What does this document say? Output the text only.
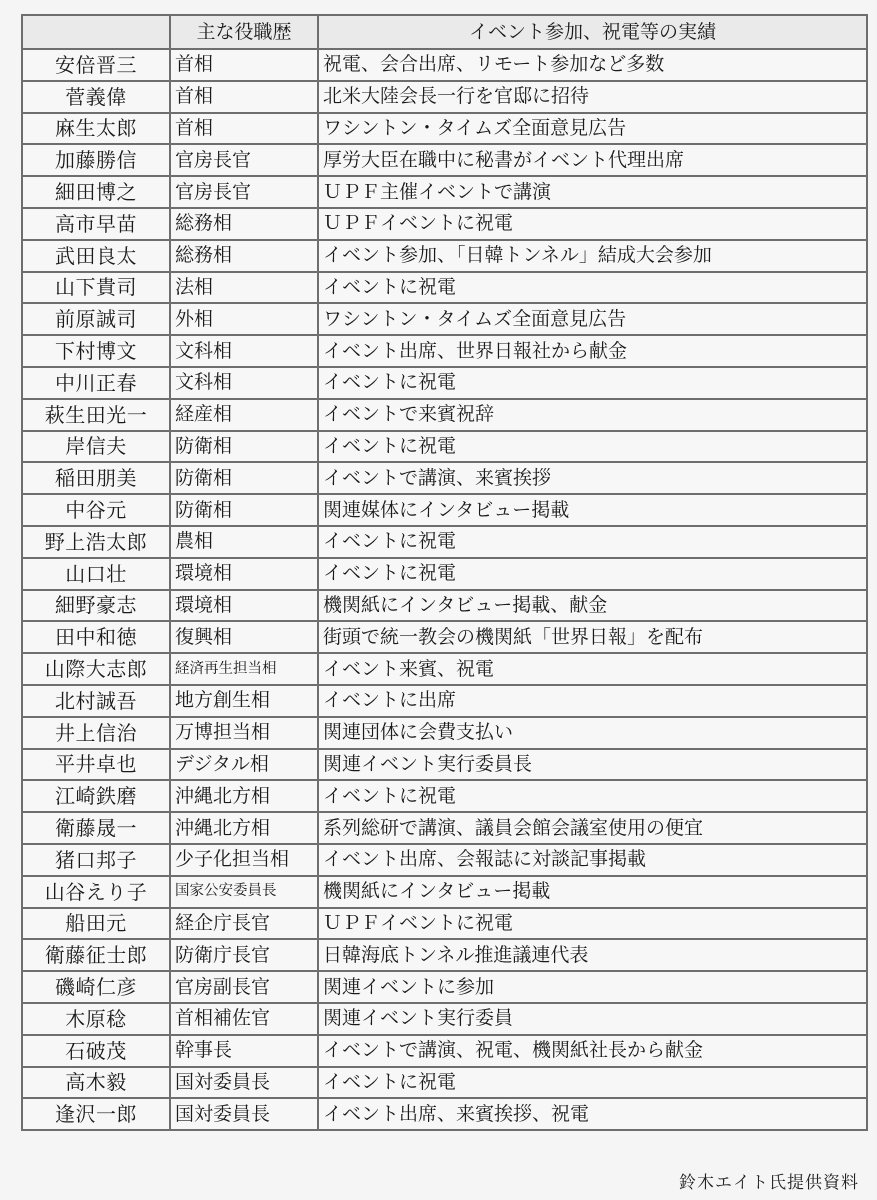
	主な役職歴	イベント参加、祝電等の実績
安倍晋三	首相	祝電、会合出席、リモート参加など多数
菅義偉	首相	北米大陸会長一行を官邸に招待
麻生太郎	首相	ワシントン・タイムズ全面意見広告
加藤勝信	官房長官	厚労大臣在職中に秘書がイベント代理出席
細田博之	官房長官	ＵＰＦ主催イベントで講演
高市早苗	総務相	ＵＰＦイベントに祝電
武田良太	総務相	イベント参加、「日韓トンネル」結成大会参加
山下貴司	法相	イベントに祝電
前原誠司	外相	ワシントン・タイムズ全面意見広告
下村博文	文科相	イベント出席、世界日報社から献金
中川正春	文科相	イベントに祝電
萩生田光一	経産相	イベントで来賓祝辞
岸信夫	防衛相	イベントに祝電
稲田朋美	防衛相	イベントで講演、来賓挨拶
中谷元	防衛相	関連媒体にインタビュー掲載
野上浩太郎	農相	イベントに祝電
山口壮	環境相	イベントに祝電
細野豪志	環境相	機関紙にインタビュー掲載、献金
田中和徳	復興相	街頭で統一教会の機関紙「世界日報」を配布
山際大志郎	経済再生担当相	イベント来賓、祝電
北村誠吾	地方創生相	イベントに出席
井上信治	万博担当相	関連団体に会費支払い
平井卓也	デジタル相	関連イベント実行委員長
江崎鉄磨	沖縄北方相	イベントに祝電
衛藤晟一	沖縄北方相	系列総研で講演、議員会館会議室使用の便宜
猪口邦子	少子化担当相	イベント出席、会報誌に対談記事掲載
山谷えり子	国家公安委員長	機関紙にインタビュー掲載
船田元	経企庁長官	ＵＰＦイベントに祝電
衛藤征士郎	防衛庁長官	日韓海底トンネル推進議連代表
磯崎仁彦	官房副長官	関連イベントに参加
木原稔	首相補佐官	関連イベント実行委員
石破茂	幹事長	イベントで講演、祝電、機関紙社長から献金
高木毅	国対委員長	イベントに祝電
逢沢一郎	国対委員長	イベント出席、来賓挨拶、祝電
鈴木エイト氏提供資料
